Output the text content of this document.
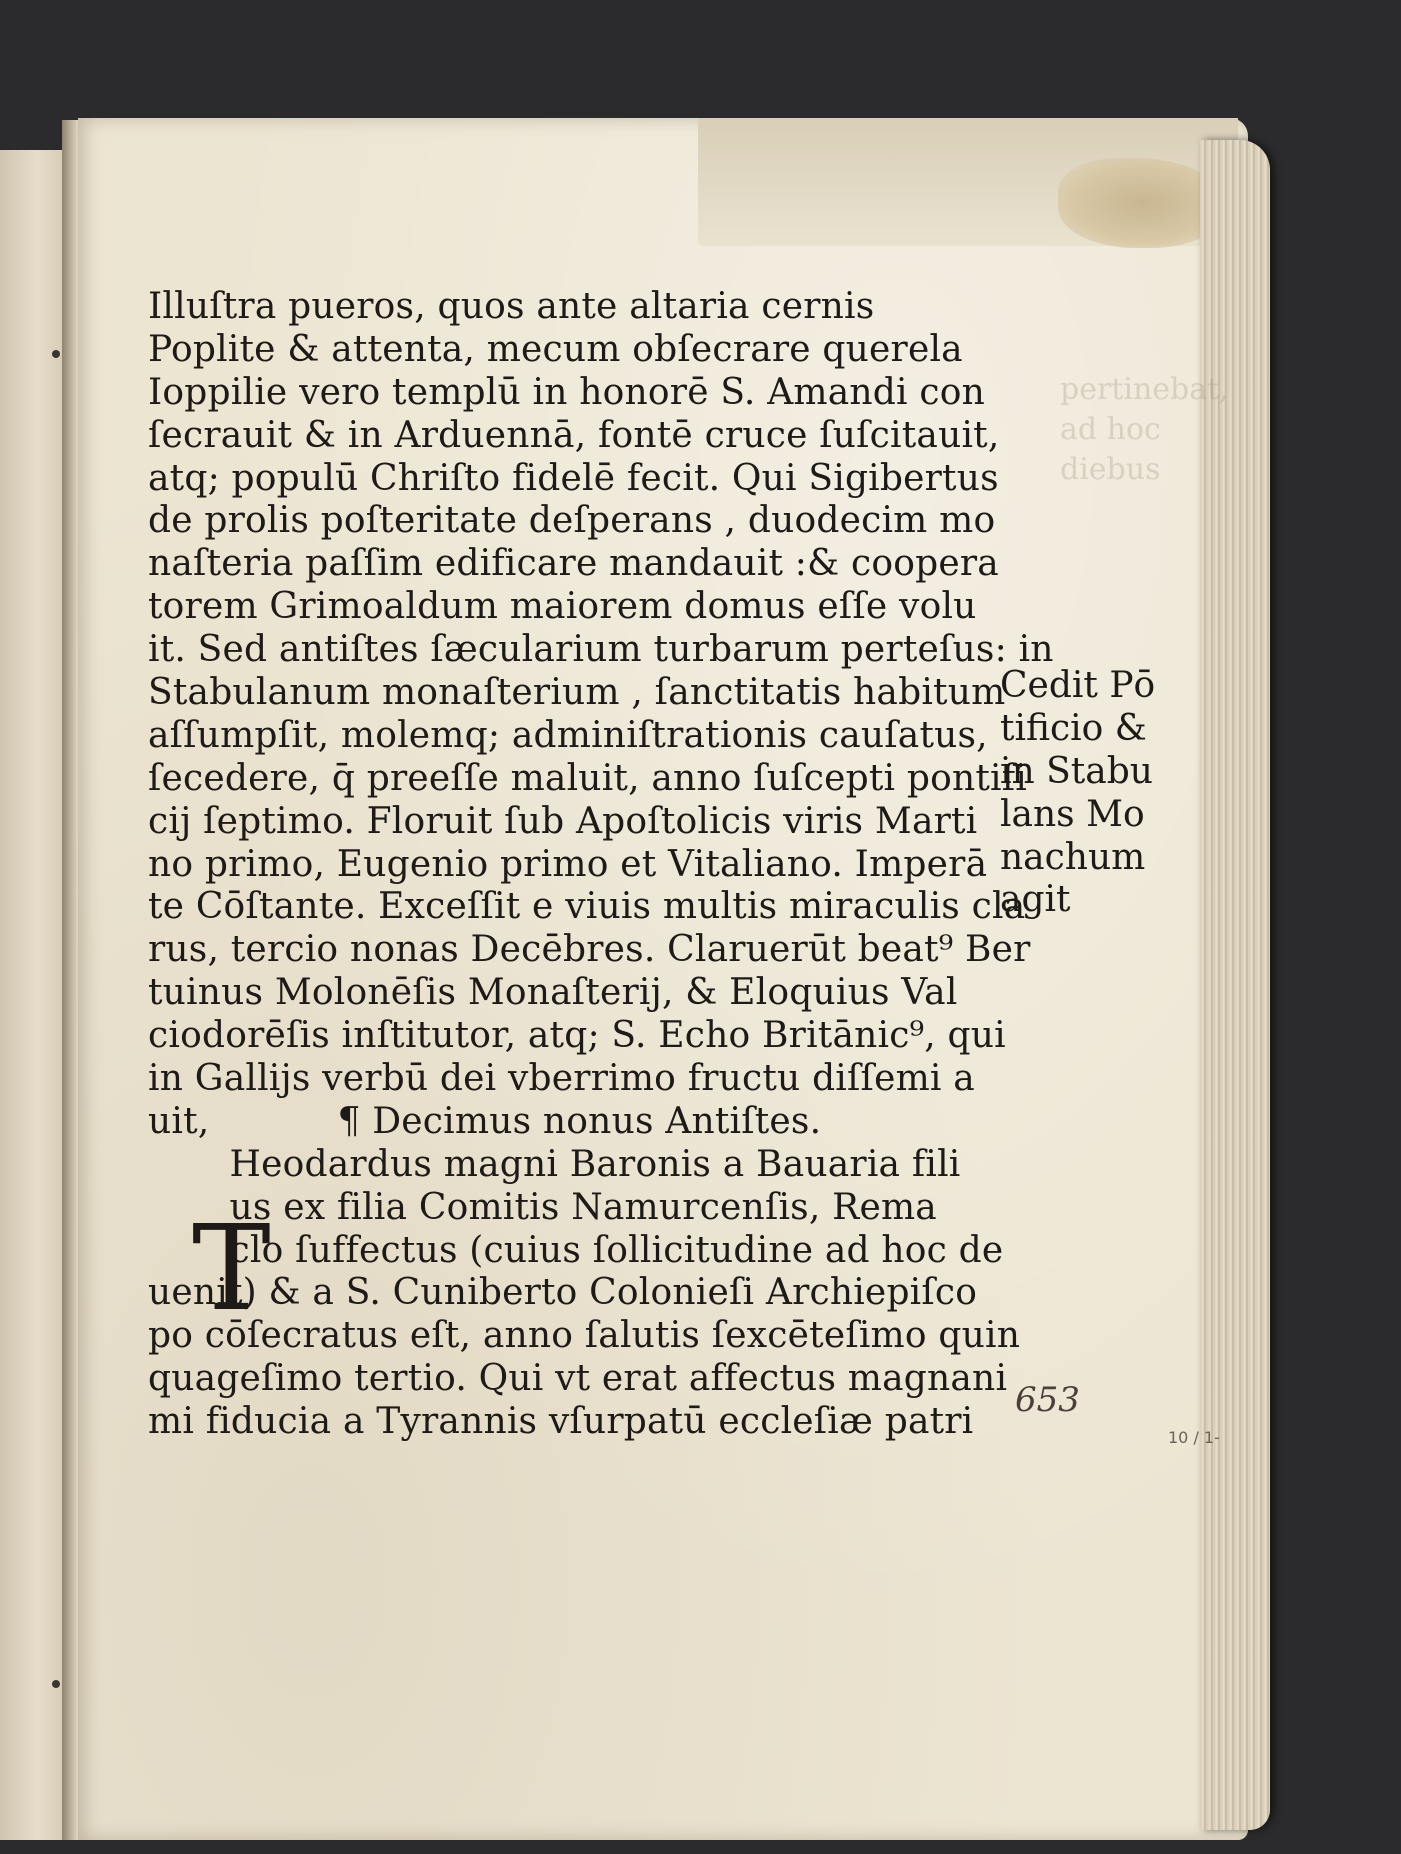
pertinebat,
ad hoc
diebus
Illuſtra pueros, quos ante altaria cernis
Poplite & attenta, mecum obſecrare querela
Ioppilie vero templū in honorē S. Amandi con
ſecrauit & in Arduennā, fontē cruce ſuſcitauit,
atq; populū Chriſto fidelē fecit. Qui Sigibertus
de prolis poſteritate deſperans , duodecim mo
naſteria paſſim edificare mandauit :& coopera
torem Grimoaldum maiorem domus eſſe volu
it. Sed antiſtes ſæcularium turbarum perteſus: in
Stabulanum monaſterium , ſanctitatis habitum
aſſumpſit, molemq; adminiſtrationis cauſatus,
ſecedere, q̄ preeſſe maluit, anno ſuſcepti pontifi
cij ſeptimo. Floruit ſub Apoſtolicis viris Marti
no primo, Eugenio primo et Vitaliano. Imperā
te Cōſtante. Exceſſit e viuis multis miraculis cla
rus, tercio nonas Decēbres. Claruerūt beat⁹ Ber
tuinus Molonēſis Monaſterij, & Eloquius Val
ciodorēſis inſtitutor, atq; S. Echo Britānic⁹, qui
in Gallijs verbū dei vberrimo fructu diſſemi a
uit,           ¶ Decimus nonus Antiſtes.
Heodardus magni Baronis a Bauaria fili
us ex filia Comitis Namurcenſis, Rema
clo ſuffectus (cuius ſollicitudine ad hoc de
uenit) & a S. Cuniberto Colonieſi Archiepiſco
po cōſecratus eſt, anno ſalutis ſexcēteſimo quin
quageſimo tertio. Qui vt erat affectus magnani
mi fiducia a Tyrannis vſurpatū eccleſiæ patri
T
Cedit Pō
tificio &
in Stabu
lans Mo
nachum
agit
653
10 / 1-
